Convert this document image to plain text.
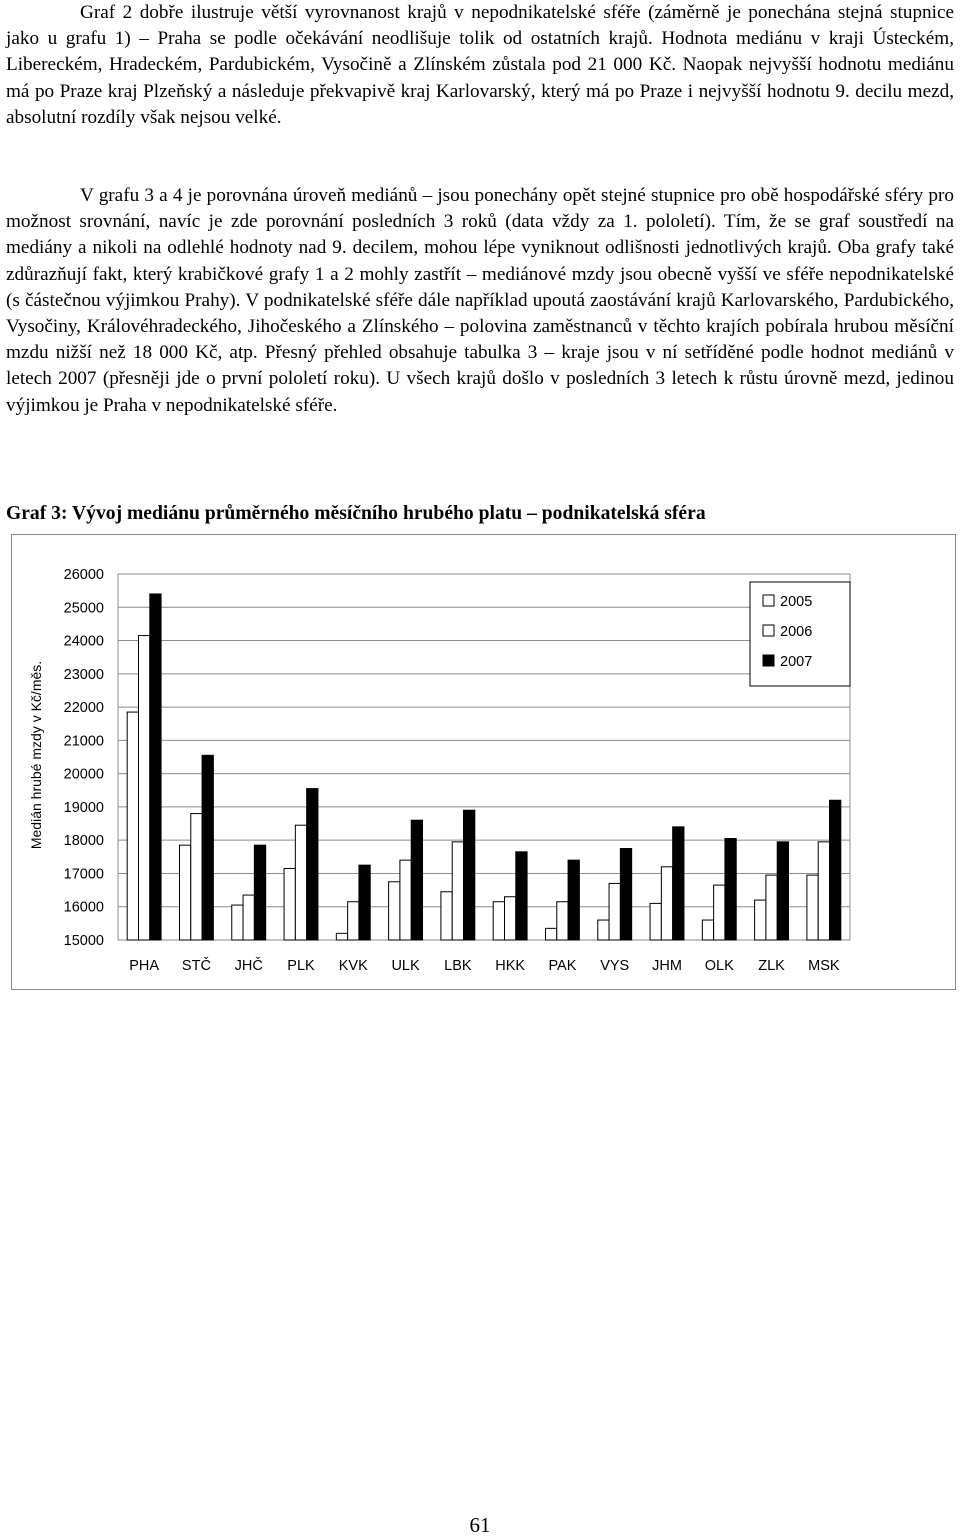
Graf 2 dobře ilustruje větší vyrovnanost krajů v nepodnikatelské sféře (záměrně je ponechána stejná stupnice jako u grafu 1) – Praha se podle očekávání neodlišuje tolik od ostatních krajů. Hodnota mediánu v kraji Ústeckém, Libereckém, Hradeckém, Pardubickém, Vysočině a Zlínském zůstala pod 21 000 Kč. Naopak nejvyšší hodnotu mediánu má po Praze kraj Plzeňský a následuje překvapivě kraj Karlovarský, který má po Praze i nejvyšší hodnotu 9. decilu mezd, absolutní rozdíly však nejsou velké.

V grafu 3 a 4 je porovnána úroveň mediánů – jsou ponechány opět stejné stupnice pro obě hospodářské sféry pro možnost srovnání, navíc je zde porovnání posledních 3 roků (data vždy za 1. pololetí). Tím, že se graf soustředí na mediány a nikoli na odlehlé hodnoty nad 9. decilem, mohou lépe vyniknout odlišnosti jednotlivých krajů. Oba grafy také zdůrazňují fakt, který krabičkové grafy 1 a 2 mohly zastřít – mediánové mzdy jsou obecně vyšší ve sféře nepodnikatelské (s částečnou výjimkou Prahy). V podnikatelské sféře dále například upoutá zaostávání krajů Karlovarského, Pardubického, Vysočiny, Královéhradeckého, Jihočeského a Zlínského – polovina zaměstnanců v těchto krajích pobírala hrubou měsíční mzdu nižší než 18 000 Kč, atp. Přesný přehled obsahuje tabulka 3 – kraje jsou v ní setříděné podle hodnot mediánů v letech 2007 (přesněji jde o první pololetí roku). U všech krajů došlo v posledních 3 letech k růstu úrovně mezd, jedinou výjimkou je Praha v nepodnikatelské sféře.

Graf 3: Vývoj mediánu průměrného měsíčního hrubého platu – podnikatelská sféra

15000
16000
17000
18000
19000
20000
21000
22000
23000
24000
25000
26000
Medián hrubé mzdy v Kč/měs.
PHA STČ JHČ PLK KVK ULK LBK HKK PAK VYS JHM OLK ZLK MSK
2005
2006
2007
61
